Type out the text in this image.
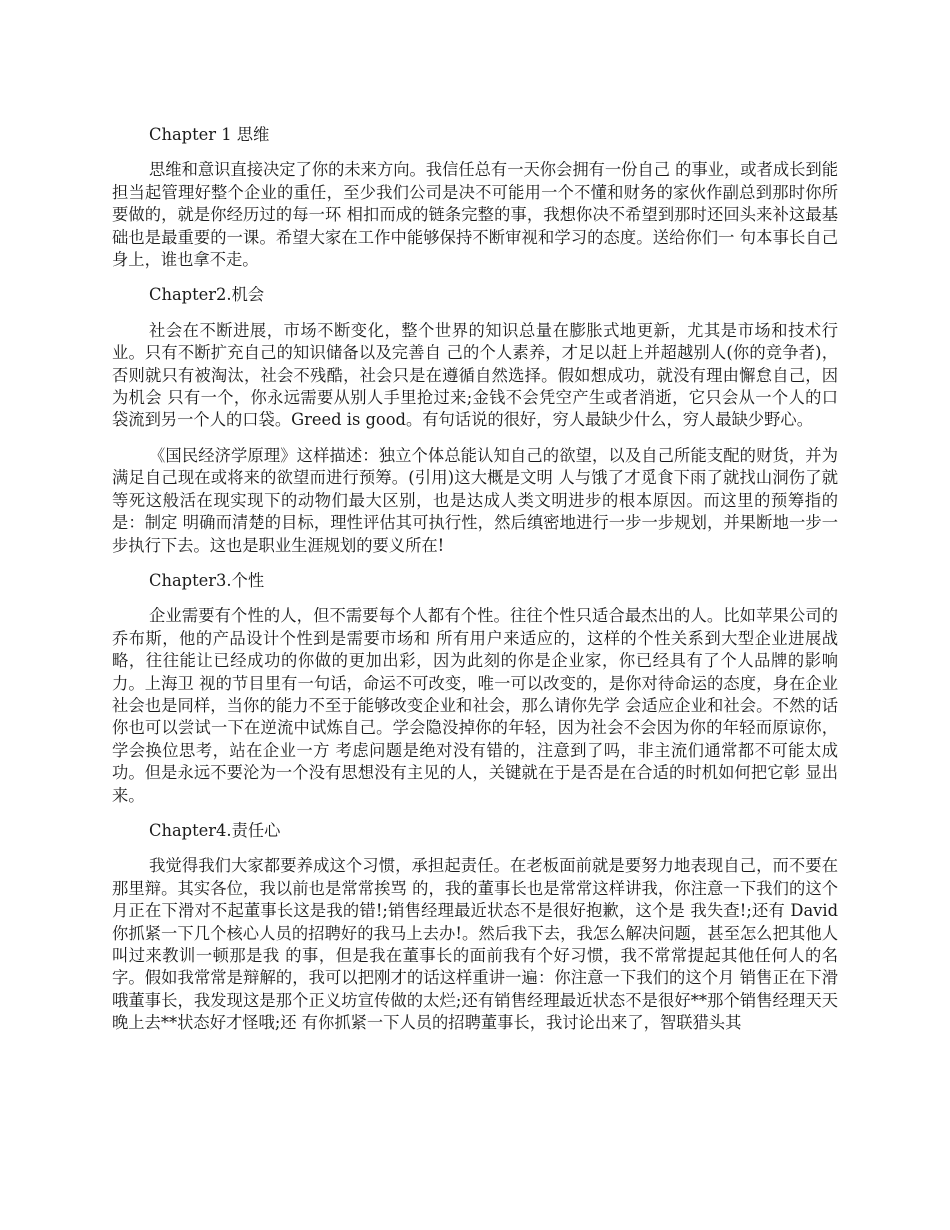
Chapter 1 思维

思维和意识直接决定了你的未来方向。我信任总有一天你会拥有一份自己 的事业，或者成长到能担当起管理好整个企业的重任，至少我们公司是决不可能用一个不懂和财务的家伙作副总到那时你所要做的，就是你经历过的每一环 相扣而成的链条完整的事，我想你决不希望到那时还回头来补这最基础也是最重要的一课。希望大家在工作中能够保持不断审视和学习的态度。送给你们一 句本事长自己身上，谁也拿不走。

Chapter2.机会

社会在不断进展，市场不断变化，整个世界的知识总量在膨胀式地更新，尤其是市场和技术行业。只有不断扩充自己的知识储备以及完善自 己的个人素养，才足以赶上并超越别人(你的竞争者)，否则就只有被淘汰，社会不残酷，社会只是在遵循自然选择。假如想成功，就没有理由懈怠自己，因为机会 只有一个，你永远需要从别人手里抢过来;金钱不会凭空产生或者消逝，它只会从一个人的口袋流到另一个人的口袋。Greed is good。有句话说的很好，穷人最缺少什么，穷人最缺少野心。

《国民经济学原理》这样描述：独立个体总能认知自己的欲望，以及自己所能支配的财货，并为满足自己现在或将来的欲望而进行预筹。(引用)这大概是文明 人与饿了才觅食下雨了就找山洞伤了就等死这般活在现实现下的动物们最大区别，也是达成人类文明进步的根本原因。而这里的预筹指的是：制定 明确而清楚的目标，理性评估其可执行性，然后缜密地进行一步一步规划，并果断地一步一步执行下去。这也是职业生涯规划的要义所在!

Chapter3.个性

企业需要有个性的人，但不需要每个人都有个性。往往个性只适合最杰出的人。比如苹果公司的乔布斯，他的产品设计个性到是需要市场和 所有用户来适应的，这样的个性关系到大型企业进展战略，往往能让已经成功的你做的更加出彩，因为此刻的你是企业家，你已经具有了个人品牌的影响力。上海卫 视的节目里有一句话，命运不可改变，唯一可以改变的，是你对待命运的态度，身在企业社会也是同样，当你的能力不至于能够改变企业和社会，那么请你先学 会适应企业和社会。不然的话你也可以尝试一下在逆流中试炼自己。学会隐没掉你的年轻，因为社会不会因为你的年轻而原谅你，学会换位思考，站在企业一方 考虑问题是绝对没有错的，注意到了吗，非主流们通常都不可能太成功。但是永远不要沦为一个没有思想没有主见的人，关键就在于是否是在合适的时机如何把它彰 显出来。

Chapter4.责任心

我觉得我们大家都要养成这个习惯，承担起责任。在老板面前就是要努力地表现自己，而不要在那里辩。其实各位，我以前也是常常挨骂 的，我的董事长也是常常这样讲我，你注意一下我们的这个月正在下滑对不起董事长这是我的错!;销售经理最近状态不是很好抱歉，这个是 我失查!;还有 David 你抓紧一下几个核心人员的招聘好的我马上去办!。然后我下去，我怎么解决问题，甚至怎么把其他人叫过来教训一顿那是我 的事，但是我在董事长的面前我有个好习惯，我不常常提起其他任何人的名字。假如我常常是辩解的，我可以把刚才的话这样重讲一遍：你注意一下我们的这个月 销售正在下滑哦董事长，我发现这是那个正义坊宣传做的太烂;还有销售经理最近状态不是很好**那个销售经理天天晚上去**状态好才怪哦;还 有你抓紧一下人员的招聘董事长，我讨论出来了，智联猎头其
